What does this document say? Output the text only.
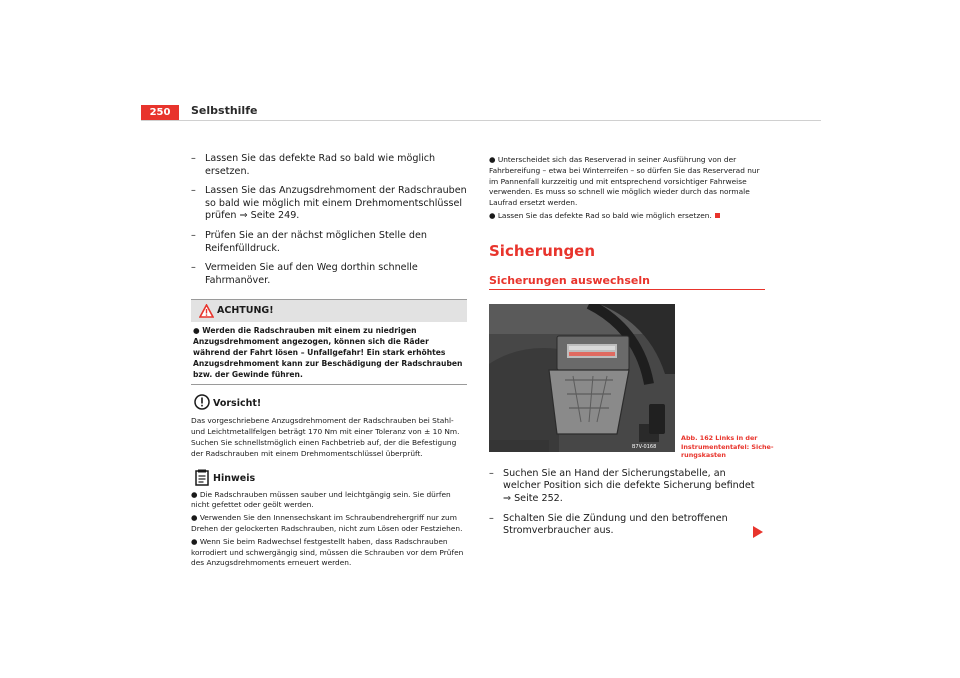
250	Selbsthilfe
– Lassen Sie das defekte Rad so bald wie möglich ersetzen.
– Lassen Sie das Anzugsdrehmoment der Radschrauben so bald wie möglich mit einem Drehmomentschlüssel prüfen ⇒ Seite 249.
– Prüfen Sie an der nächst möglichen Stelle den Reifenfülldruck.
– Vermeiden Sie auf den Weg dorthin schnelle Fahrmanöver.
ACHTUNG!
● Werden die Radschrauben mit einem zu niedrigen Anzugsdrehmoment angezogen, können sich die Räder während der Fahrt lösen – Unfallgefahr! Ein stark erhöhtes Anzugsdrehmoment kann zur Beschädigung der Radschrauben bzw. der Gewinde führen.
Vorsicht!
Das vorgeschriebene Anzugsdrehmoment der Radschrauben bei Stahl- und Leichtmetallfelgen beträgt 170 Nm mit einer Toleranz von ± 10 Nm. Suchen Sie schnellstmöglich einen Fachbetrieb auf, der die Befestigung der Radschrauben mit einem Drehmomentschlüssel überprüft.
Hinweis
● Die Radschrauben müssen sauber und leichtgängig sein. Sie dürfen nicht gefettet oder geölt werden.
● Verwenden Sie den Innensechskant im Schraubendrehergriff nur zum Drehen der gelockerten Radschrauben, nicht zum Lösen oder Festziehen.
● Wenn Sie beim Radwechsel festgestellt haben, dass Radschrauben korrodiert und schwergängig sind, müssen die Schrauben vor dem Prüfen des Anzugsdrehmoments erneuert werden.
● Unterscheidet sich das Reserverad in seiner Ausführung von der Fahrbereifung – etwa bei Winterreifen – so dürfen Sie das Reserverad nur im Pannenfall kurzzeitig und mit entsprechend vorsichtiger Fahrweise verwenden. Es muss so schnell wie möglich wieder durch das normale Laufrad ersetzt werden.
● Lassen Sie das defekte Rad so bald wie möglich ersetzen.
Sicherungen
Sicherungen auswechseln
B7V-0168
– Suchen Sie an Hand der Sicherungstabelle, an welcher Position sich die defekte Sicherung befindet ⇒ Seite 252.
– Schalten Sie die Zündung und den betroffenen Stromverbraucher aus.
Abb. 162 Links in der
Instrumententafel: Siche-
rungskasten
